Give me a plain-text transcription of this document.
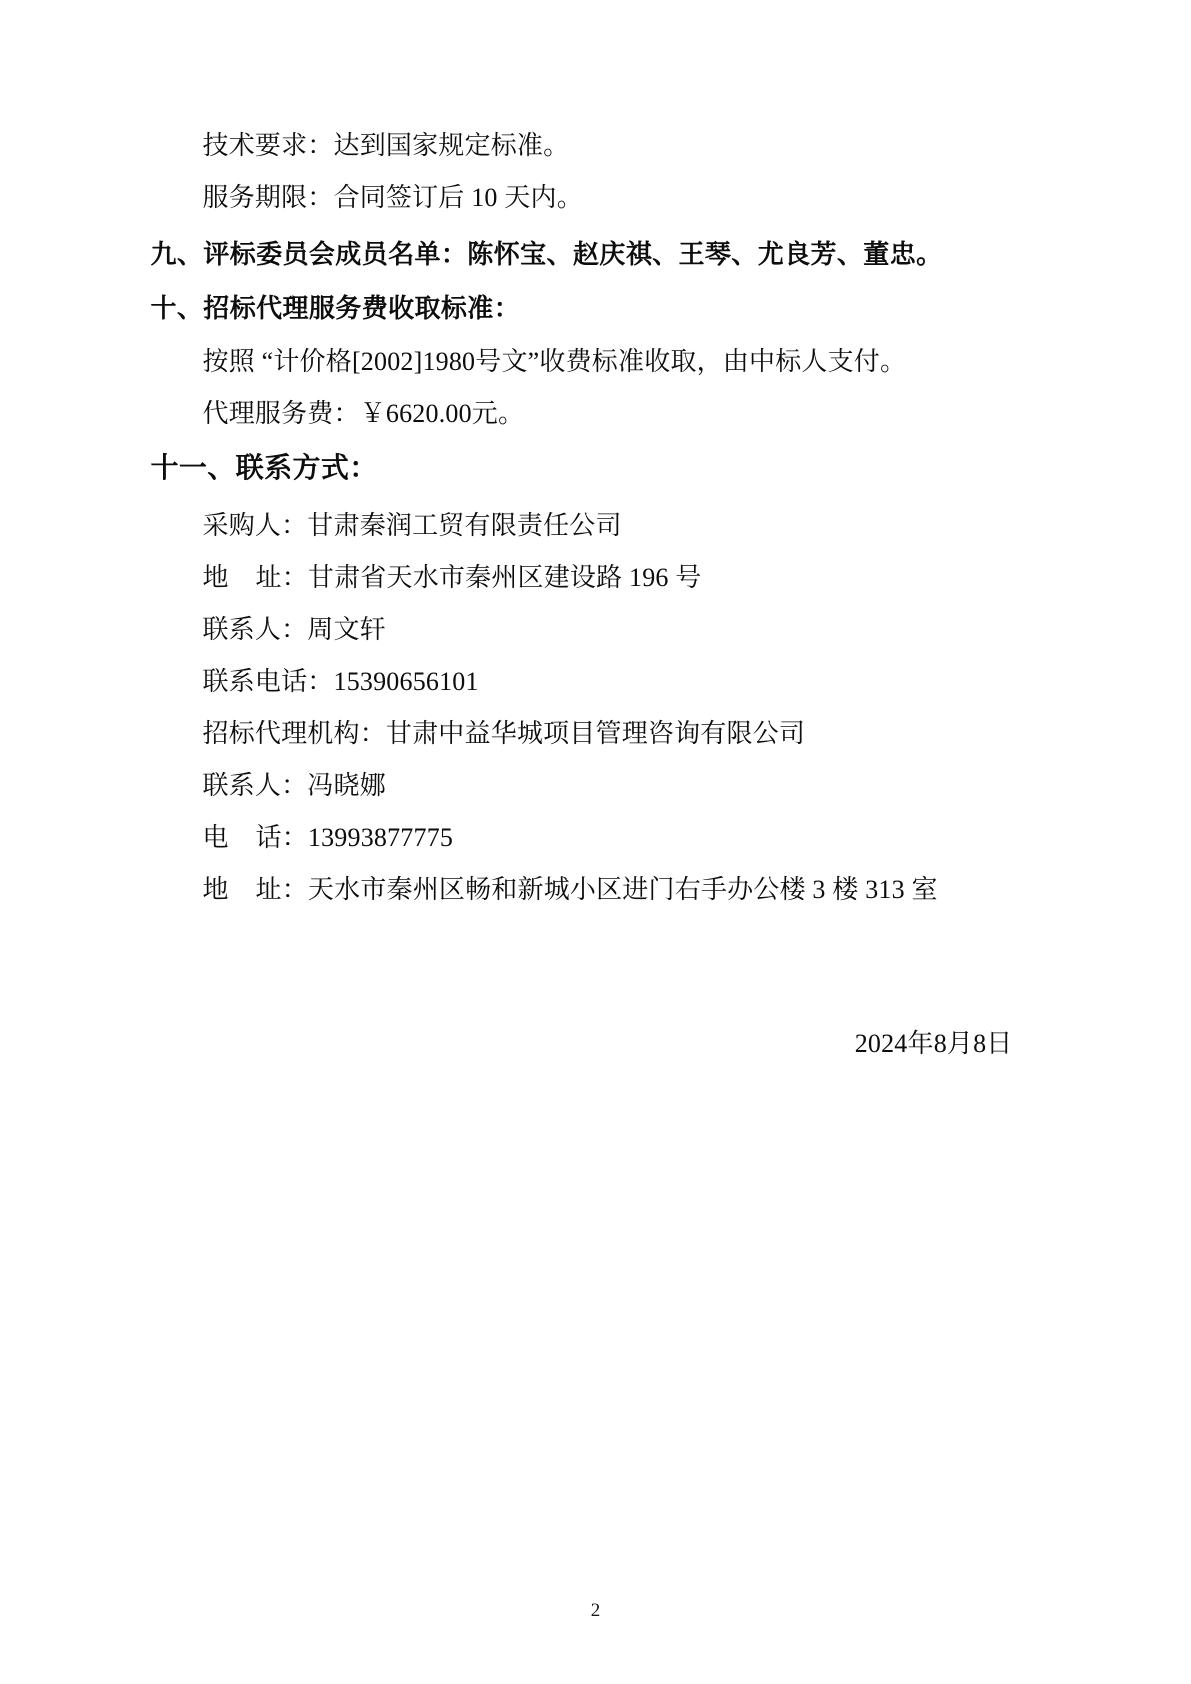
技术要求：达到国家规定标准。

服务期限：合同签订后 10 天内。

九、评标委员会成员名单：陈怀宝、赵庆祺、王琴、尤良芳、董忠。

十、招标代理服务费收取标准：

按照 “计价格[2002]1980号文”收费标准收取，由中标人支付。

代理服务费：￥6620.00元。

十一、联系方式：

采购人：甘肃秦润工贸有限责任公司

地    址：甘肃省天水市秦州区建设路 196 号

联系人：周文轩

联系电话：15390656101

招标代理机构：甘肃中益华城项目管理咨询有限公司

联系人：冯晓娜

电    话：13993877775

地    址：天水市秦州区畅和新城小区进门右手办公楼 3 楼 313 室

2024年8月8日

2
